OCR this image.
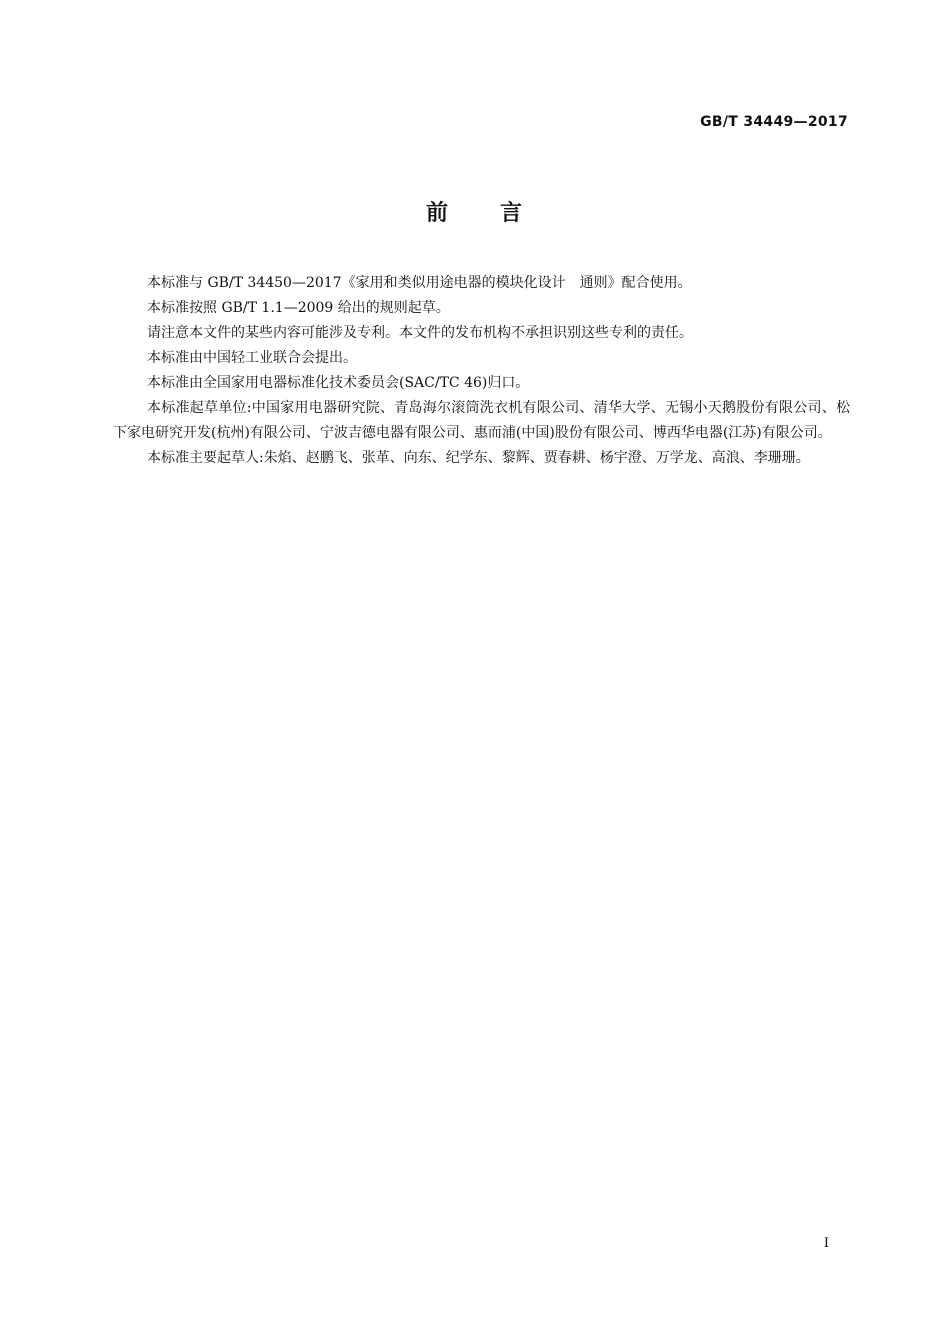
GB/T 34449—2017
前 言

本标准与 GB/T 34450—2017《家用和类似用途电器的模块化设计　通则》配合使用。

本标准按照 GB/T 1.1—2009 给出的规则起草。

请注意本文件的某些内容可能涉及专利。本文件的发布机构不承担识别这些专利的责任。

本标准由中国轻工业联合会提出。

本标准由全国家用电器标准化技术委员会(SAC/TC 46)归口。

本标准起草单位:中国家用电器研究院、青岛海尔滚筒洗衣机有限公司、清华大学、无锡小天鹅股份有限公司、松下家电研究开发(杭州)有限公司、宁波吉德电器有限公司、惠而浦(中国)股份有限公司、博西华电器(江苏)有限公司。

本标准主要起草人:朱焰、赵鹏飞、张革、向东、纪学东、黎辉、贾春耕、杨宇澄、万学龙、高浪、李珊珊。

I
